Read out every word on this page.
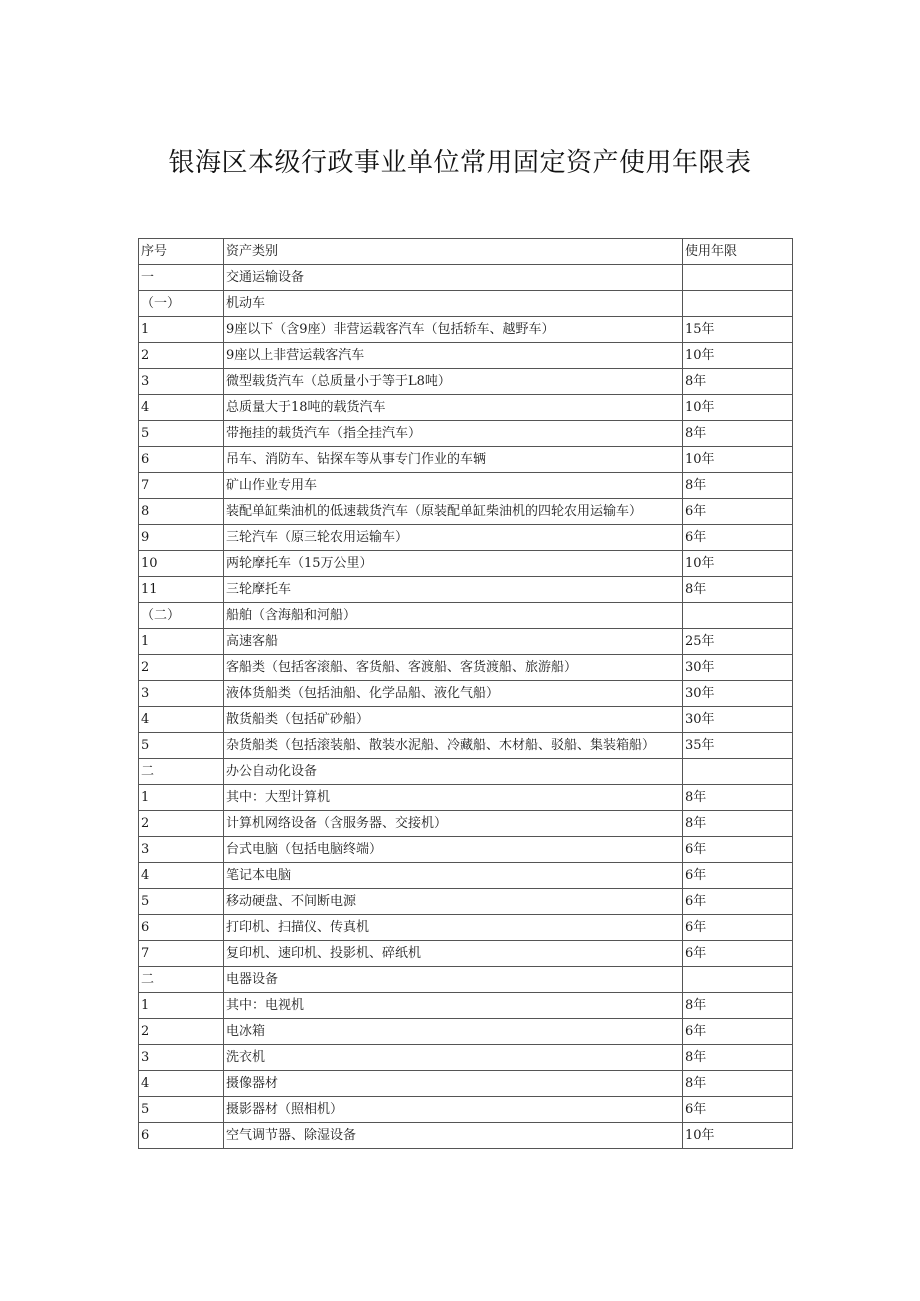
银海区本级行政事业单位常用固定资产使用年限表
序号	资产类别	使用年限
一	交通运输设备	
（一）	机动车	
1	9座以下（含9座）非营运载客汽车（包括轿车、越野车）	15年
2	9座以上非营运载客汽车	10年
3	微型载货汽车（总质量小于等于L8吨）	8年
4	总质量大于18吨的载货汽车	10年
5	带拖挂的载货汽车（指全挂汽车）	8年
6	吊车、消防车、钻探车等从事专门作业的车辆	10年
7	矿山作业专用车	8年
8	装配单缸柴油机的低速载货汽车（原装配单缸柴油机的四轮农用运输车）	6年
9	三轮汽车（原三轮农用运输车）	6年
10	两轮摩托车（15万公里）	10年
11	三轮摩托车	8年
（二）	船舶（含海船和河船）	
1	高速客船	25年
2	客船类（包括客滚船、客货船、客渡船、客货渡船、旅游船）	30年
3	液体货船类（包括油船、化学品船、液化气船）	30年
4	散货船类（包括矿砂船）	30年
5	杂货船类（包括滚装船、散装水泥船、冷藏船、木材船、驳船、集装箱船）	35年
二	办公自动化设备	
1	其中：大型计算机	8年
2	计算机网络设备（含服务器、交接机）	8年
3	台式电脑（包括电脑终端）	6年
4	笔记本电脑	6年
5	移动硬盘、不间断电源	6年
6	打印机、扫描仪、传真机	6年
7	复印机、速印机、投影机、碎纸机	6年
二	电器设备	
1	其中：电视机	8年
2	电冰箱	6年
3	洗衣机	8年
4	摄像器材	8年
5	摄影器材（照相机）	6年
6	空气调节器、除湿设备	10年
